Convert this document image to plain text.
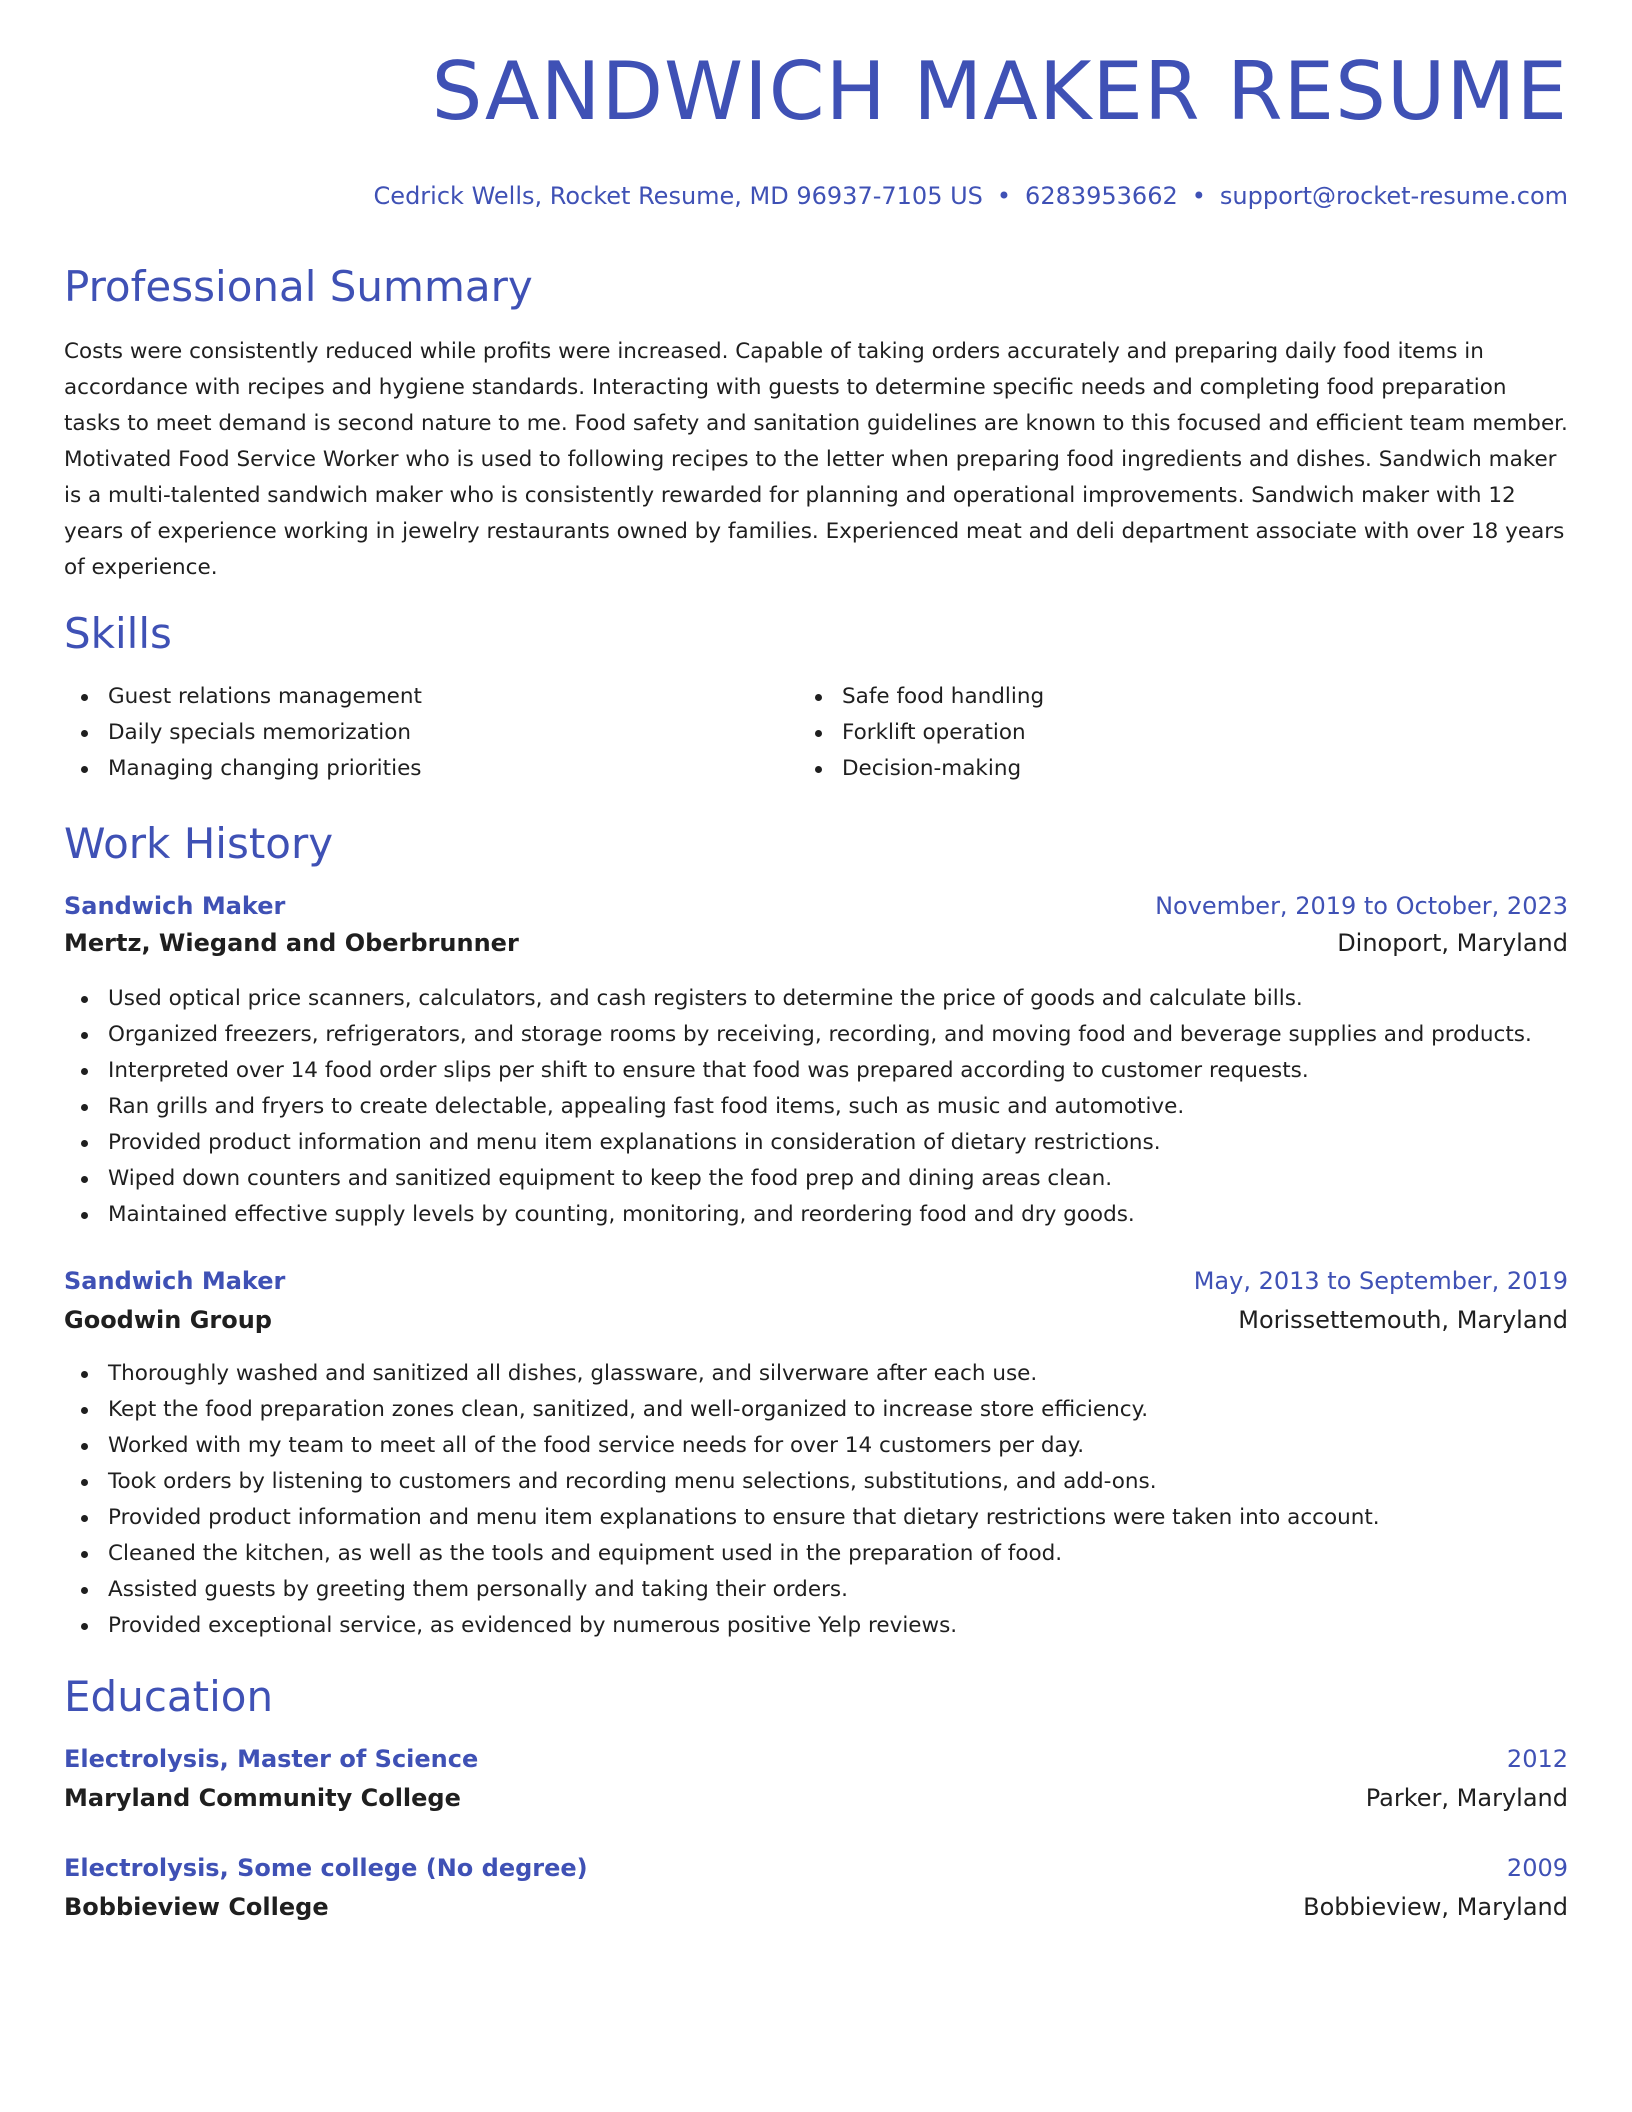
SANDWICH MAKER RESUME
Cedrick Wells, Rocket Resume, MD 96937-7105 US • 6283953662 • support@rocket-resume.com
Professional Summary

Costs were consistently reduced while profits were increased. Capable of taking orders accurately and preparing daily food items in accordance with recipes and hygiene standards. Interacting with guests to determine specific needs and completing food preparation tasks to meet demand is second nature to me. Food safety and sanitation guidelines are known to this focused and efficient team member. Motivated Food Service Worker who is used to following recipes to the letter when preparing food ingredients and dishes. Sandwich maker is a multi-talented sandwich maker who is consistently rewarded for planning and operational improvements. Sandwich maker with 12 years of experience working in jewelry restaurants owned by families. Experienced meat and deli department associate with over 18 years of experience.

Skills
Guest relations management
Daily specials memorization
Managing changing priorities
Safe food handling
Forklift operation
Decision-making
Work History
Sandwich Maker	November, 2019 to October, 2023
Mertz, Wiegand and Oberbrunner	Dinoport, Maryland
Used optical price scanners, calculators, and cash registers to determine the price of goods and calculate bills.
Organized freezers, refrigerators, and storage rooms by receiving, recording, and moving food and beverage supplies and products.
Interpreted over 14 food order slips per shift to ensure that food was prepared according to customer requests.
Ran grills and fryers to create delectable, appealing fast food items, such as music and automotive.
Provided product information and menu item explanations in consideration of dietary restrictions.
Wiped down counters and sanitized equipment to keep the food prep and dining areas clean.
Maintained effective supply levels by counting, monitoring, and reordering food and dry goods.
Sandwich Maker	May, 2013 to September, 2019
Goodwin Group	Morissettemouth, Maryland
Thoroughly washed and sanitized all dishes, glassware, and silverware after each use.
Kept the food preparation zones clean, sanitized, and well-organized to increase store efficiency.
Worked with my team to meet all of the food service needs for over 14 customers per day.
Took orders by listening to customers and recording menu selections, substitutions, and add-ons.
Provided product information and menu item explanations to ensure that dietary restrictions were taken into account.
Cleaned the kitchen, as well as the tools and equipment used in the preparation of food.
Assisted guests by greeting them personally and taking their orders.
Provided exceptional service, as evidenced by numerous positive Yelp reviews.
Education
Electrolysis, Master of Science	2012
Maryland Community College	Parker, Maryland
Electrolysis, Some college (No degree)	2009
Bobbieview College	Bobbieview, Maryland
